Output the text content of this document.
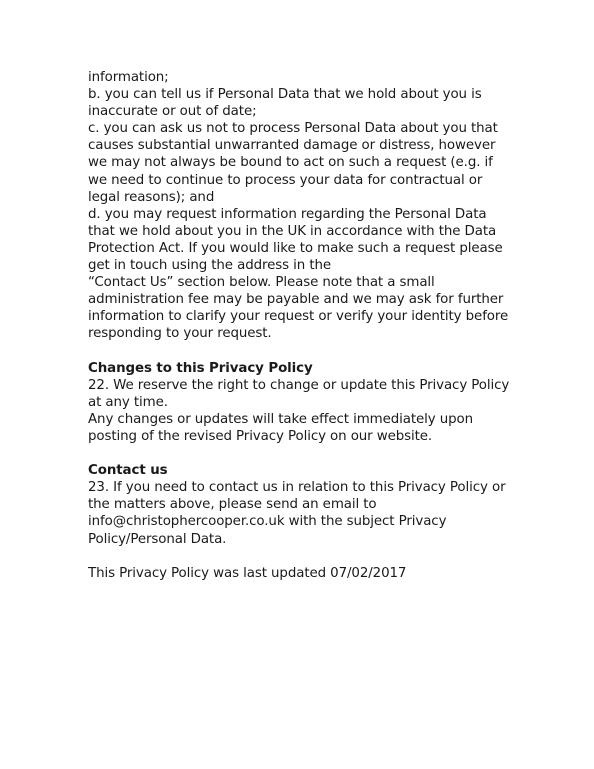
information;
b. you can tell us if Personal Data that we hold about you is
inaccurate or out of date;
c. you can ask us not to process Personal Data about you that
causes substantial unwarranted damage or distress, however
we may not always be bound to act on such a request (e.g. if
we need to continue to process your data for contractual or
legal reasons); and
d. you may request information regarding the Personal Data
that we hold about you in the UK in accordance with the Data
Protection Act. If you would like to make such a request please
get in touch using the address in the
“Contact Us” section below. Please note that a small
administration fee may be payable and we may ask for further
information to clarify your request or verify your identity before
responding to your request.
Changes to this Privacy Policy
22. We reserve the right to change or update this Privacy Policy
at any time.
Any changes or updates will take effect immediately upon
posting of the revised Privacy Policy on our website.
Contact us
23. If you need to contact us in relation to this Privacy Policy or
the matters above, please send an email to
info@christophercooper.co.uk with the subject Privacy
Policy/Personal Data.
This Privacy Policy was last updated 07/02/2017
